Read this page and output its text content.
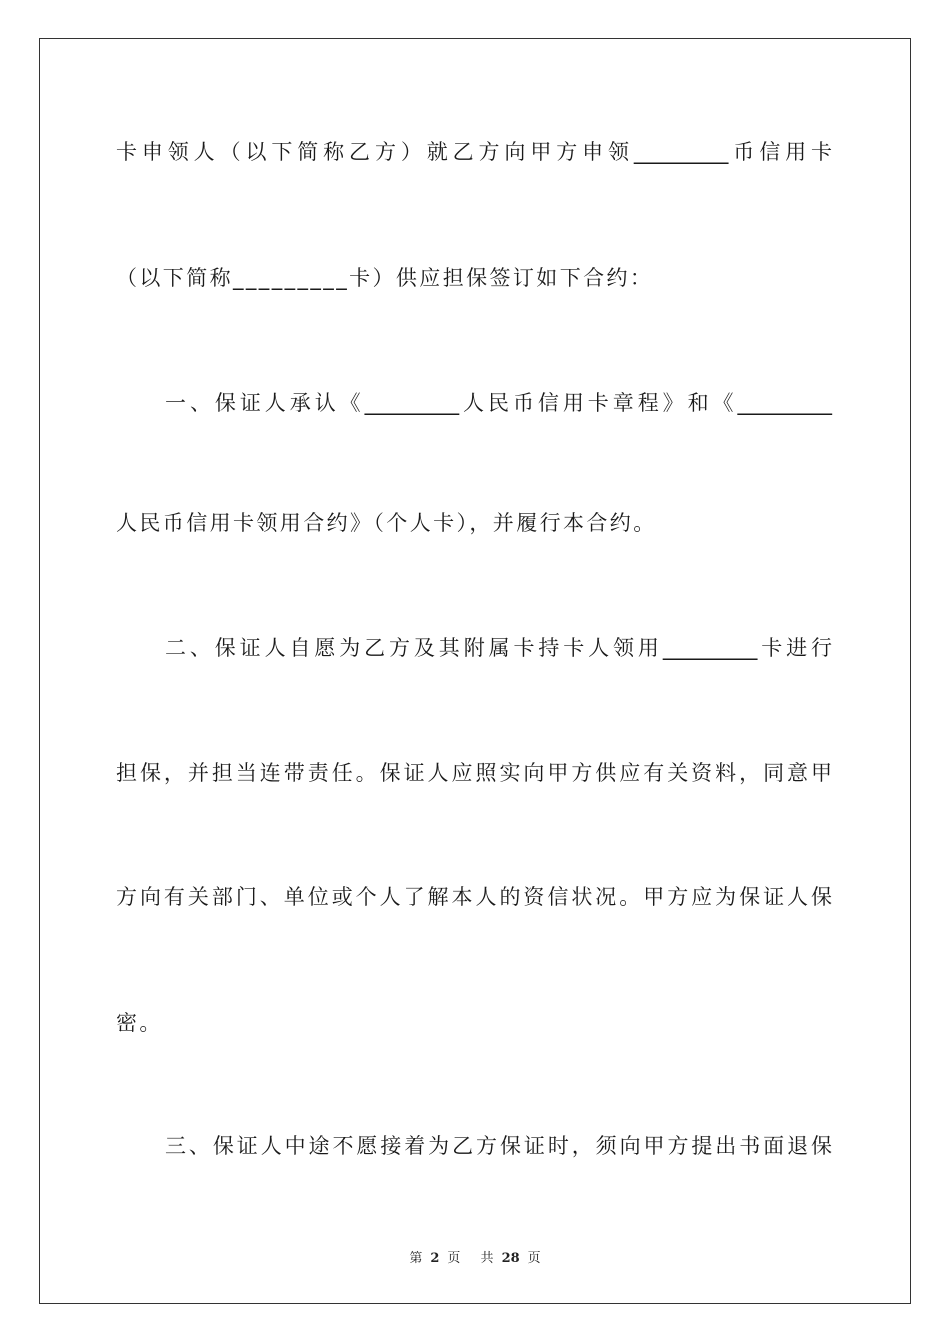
卡申领人（以下简称乙方）就乙方向甲方申领_________币信用卡
（以下简称_________卡）供应担保签订如下合约：
一、保证人承认《_________人民币信用卡章程》和《_________
人民币信用卡领用合约》（个人卡），并履行本合约。
二、保证人自愿为乙方及其附属卡持卡人领用_________卡进行
担保，并担当连带责任。保证人应照实向甲方供应有关资料，同意甲
方向有关部门、单位或个人了解本人的资信状况。甲方应为保证人保
密。
三、保证人中途不愿接着为乙方保证时，须向甲方提出书面退保
第 2 页 共 28 页
